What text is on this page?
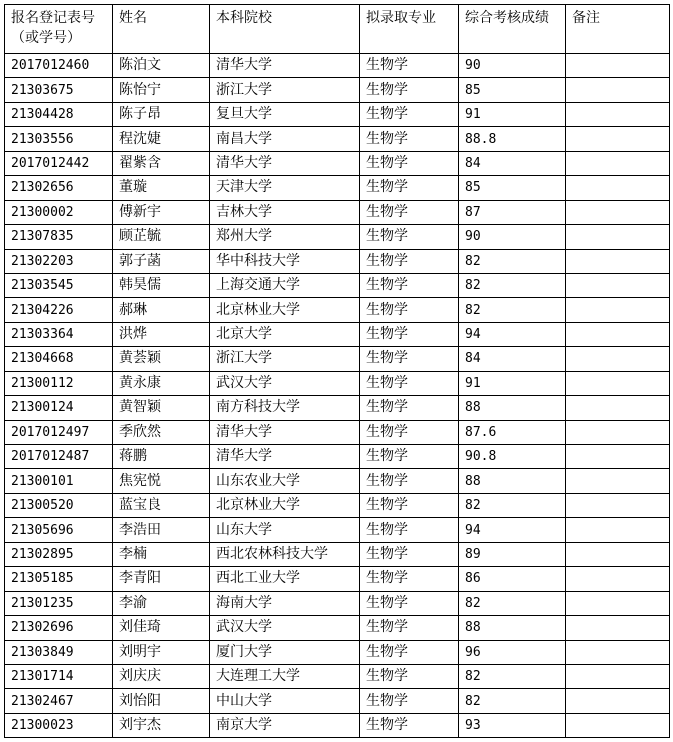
报名登记表号（或学号）	姓名	本科院校	拟录取专业	综合考核成绩	备注
2017012460	陈泊文	清华大学	生物学	90	
21303675	陈怡宁	浙江大学	生物学	85	
21304428	陈子昂	复旦大学	生物学	91	
21303556	程沈婕	南昌大学	生物学	88.8	
2017012442	翟紫含	清华大学	生物学	84	
21302656	董璇	天津大学	生物学	85	
21300002	傅新宇	吉林大学	生物学	87	
21307835	顾芷毓	郑州大学	生物学	90	
21302203	郭子菡	华中科技大学	生物学	82	
21303545	韩昊儒	上海交通大学	生物学	82	
21304226	郝琳	北京林业大学	生物学	82	
21303364	洪烨	北京大学	生物学	94	
21304668	黄荟颖	浙江大学	生物学	84	
21300112	黄永康	武汉大学	生物学	91	
21300124	黄智颖	南方科技大学	生物学	88	
2017012497	季欣然	清华大学	生物学	87.6	
2017012487	蒋鹏	清华大学	生物学	90.8	
21300101	焦宪悦	山东农业大学	生物学	88	
21300520	蓝宝良	北京林业大学	生物学	82	
21305696	李浩田	山东大学	生物学	94	
21302895	李楠	西北农林科技大学	生物学	89	
21305185	李青阳	西北工业大学	生物学	86	
21301235	李渝	海南大学	生物学	82	
21302696	刘佳琦	武汉大学	生物学	88	
21303849	刘明宇	厦门大学	生物学	96	
21301714	刘庆庆	大连理工大学	生物学	82	
21302467	刘怡阳	中山大学	生物学	82	
21300023	刘宇杰	南京大学	生物学	93	
